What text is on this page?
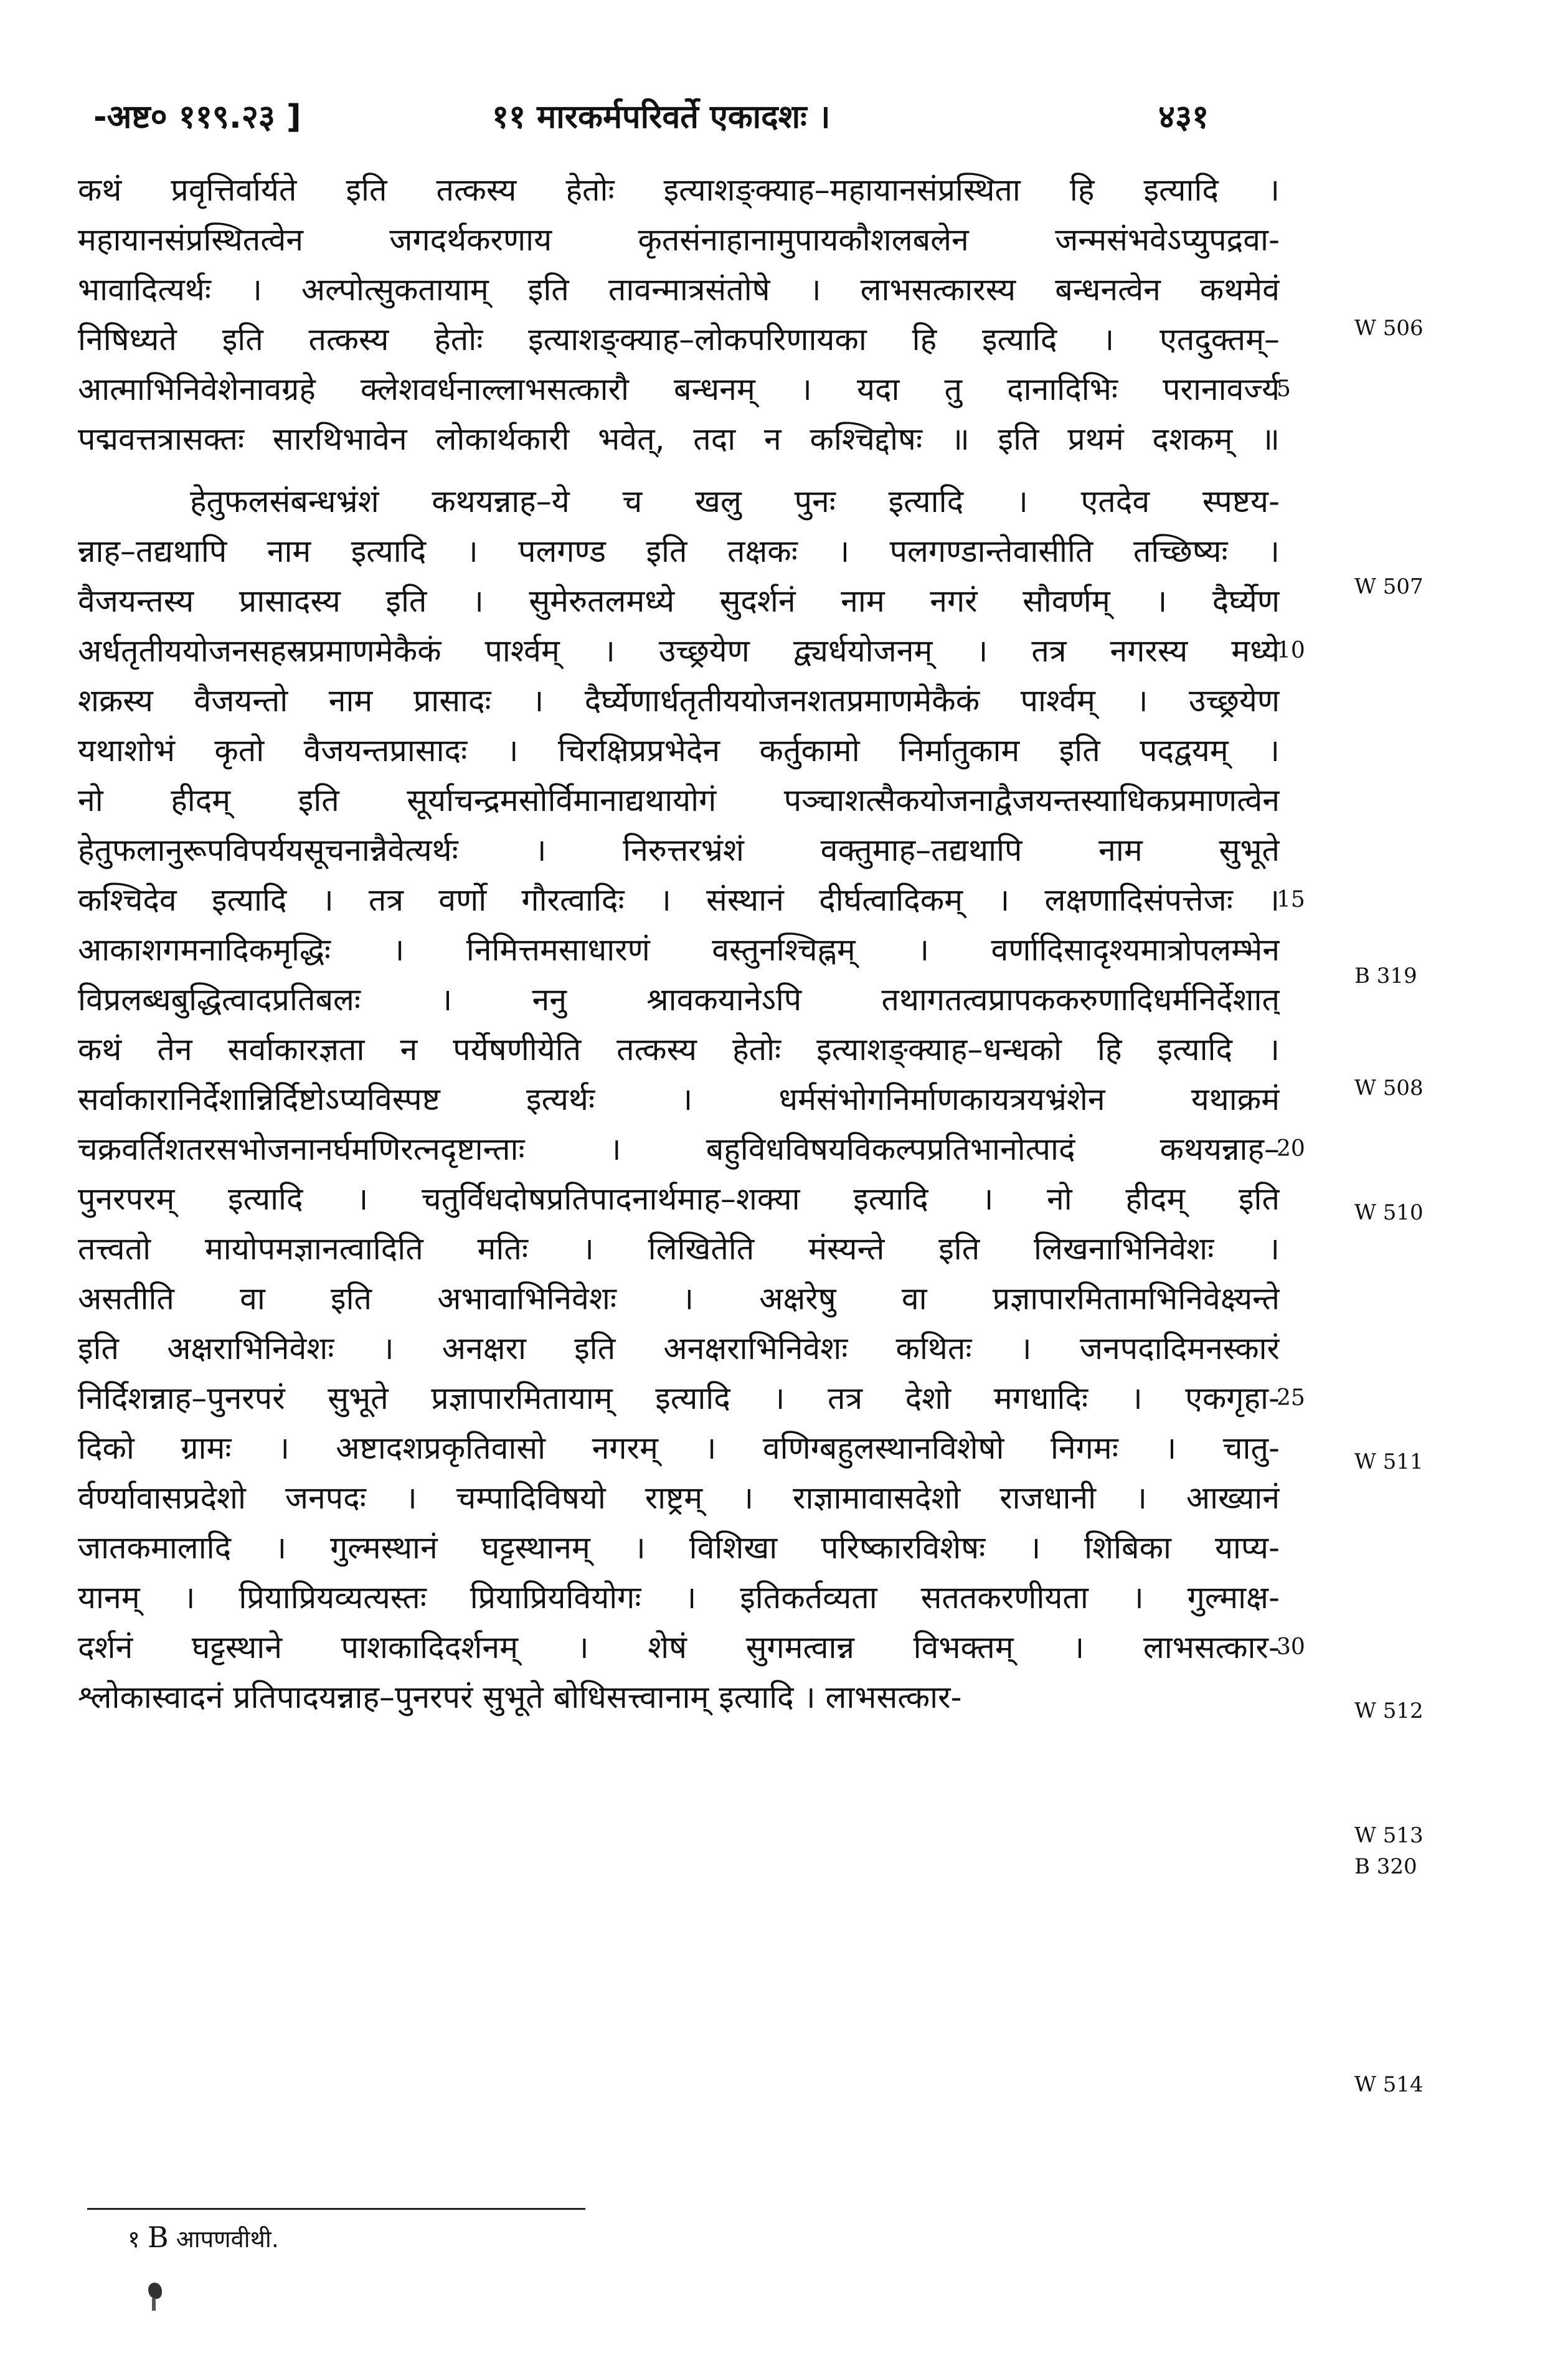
-अष्ट० ११९.२३ ]	११ मारकर्मपरिवर्ते एकादशः ।	४३१
कथं प्रवृत्तिर्वार्यते इति तत्कस्य हेतोः इत्याशङ्क्याह–महायानसंप्रस्थिता हि इत्यादि ।
महायानसंप्रस्थितत्वेन जगदर्थकरणाय कृतसंनाहानामुपायकौशलबलेन जन्मसंभवेऽप्युपद्रवा-
भावादित्यर्थः । अल्पोत्सुकतायाम् इति तावन्मात्रसंतोषे । लाभसत्कारस्य बन्धनत्वेन कथमेवं
निषिध्यते इति तत्कस्य हेतोः इत्याशङ्क्याह–लोकपरिणायका हि इत्यादि । एतदुक्तम्–
आत्माभिनिवेशेनावग्रहे क्लेशवर्धनाल्लाभसत्कारौ बन्धनम् । यदा तु दानादिभिः परानावर्ज्य
पद्मवत्तत्रासक्तः सारथिभावेन लोकार्थकारी भवेत्, तदा न कश्चिद्दोषः ॥ इति प्रथमं दशकम् ॥
हेतुफलसंबन्धभ्रंशं कथयन्नाह–ये च खलु पुनः इत्यादि । एतदेव स्पष्टय-
न्नाह–तद्यथापि नाम इत्यादि । पलगण्ड इति तक्षकः । पलगण्डान्तेवासीति तच्छिष्यः ।
वैजयन्तस्य प्रासादस्य इति । सुमेरुतलमध्ये सुदर्शनं नाम नगरं सौवर्णम् । दैर्घ्येण
अर्धतृतीययोजनसहस्रप्रमाणमेकैकं पार्श्वम् । उच्छ्रयेण द्व्यर्धयोजनम् । तत्र नगरस्य मध्ये
शक्रस्य वैजयन्तो नाम प्रासादः । दैर्घ्येणार्धतृतीययोजनशतप्रमाणमेकैकं पार्श्वम् । उच्छ्रयेण
यथाशोभं कृतो वैजयन्तप्रासादः । चिरक्षिप्रप्रभेदेन कर्तुकामो निर्मातुकाम इति पदद्वयम् ।
नो हीदम् इति सूर्याचन्द्रमसोर्विमानाद्यथायोगं पञ्चाशत्सैकयोजनाद्वैजयन्तस्याधिकप्रमाणत्वेन
हेतुफलानुरूपविपर्ययसूचनान्नैवेत्यर्थः । निरुत्तरभ्रंशं वक्तुमाह–तद्यथापि नाम सुभूते
कश्चिदेव इत्यादि । तत्र वर्णो गौरत्वादिः । संस्थानं दीर्घत्वादिकम् । लक्षणादिसंपत्तेजः ।
आकाशगमनादिकमृद्धिः । निमित्तमसाधारणं वस्तुनश्चिह्नम् । वर्णादिसादृश्यमात्रोपलम्भेन
विप्रलब्धबुद्धित्वादप्रतिबलः । ननु श्रावकयानेऽपि तथागतत्वप्रापककरुणादिधर्मनिर्देशात्
कथं तेन सर्वाकारज्ञता न पर्येषणीयेति तत्कस्य हेतोः इत्याशङ्क्याह–धन्धको हि इत्यादि ।
सर्वाकारानिर्देशान्निर्दिष्टोऽप्यविस्पष्ट इत्यर्थः । धर्मसंभोगनिर्माणकायत्रयभ्रंशेन यथाक्रमं
चक्रवर्तिशतरसभोजनानर्घमणिरत्नदृष्टान्ताः । बहुविधविषयविकल्पप्रतिभानोत्पादं कथयन्नाह–
पुनरपरम् इत्यादि । चतुर्विधदोषप्रतिपादनार्थमाह–शक्या इत्यादि । नो हीदम् इति
तत्त्वतो मायोपमज्ञानत्वादिति मतिः । लिखितेति मंस्यन्ते इति लिखनाभिनिवेशः ।
असतीति वा इति अभावाभिनिवेशः । अक्षरेषु वा प्रज्ञापारमितामभिनिवेक्ष्यन्ते
इति अक्षराभिनिवेशः । अनक्षरा इति अनक्षराभिनिवेशः कथितः । जनपदादिमनस्कारं
निर्दिशन्नाह–पुनरपरं सुभूते प्रज्ञापारमितायाम् इत्यादि । तत्र देशो मगधादिः । एकगृहा-
दिको ग्रामः । अष्टादशप्रकृतिवासो नगरम् । वणिग्बहुलस्थानविशेषो निगमः । चातु-
र्वर्ण्यावासप्रदेशो जनपदः । चम्पादिविषयो राष्ट्रम् । राज्ञामावासदेशो राजधानी । आख्यानं
जातकमालादि । गुल्मस्थानं घट्टस्थानम् । विशिखा परिष्कारविशेषः । शिबिका याप्य-
यानम् । प्रियाप्रियव्यत्यस्तः प्रियाप्रियवियोगः । इतिकर्तव्यता सततकरणीयता । गुल्माक्ष-
दर्शनं घट्टस्थाने पाशकादिदर्शनम् । शेषं सुगमत्वान्न विभक्तम् । लाभसत्कार-
श्लोकास्वादनं प्रतिपादयन्नाह–पुनरपरं सुभूते बोधिसत्त्वानाम् इत्यादि । लाभसत्कार-
5
10
15
20
25
30
W 506
W 507
B 319
W 508
W 510
W 511
W 512
W 513
B 320
W 514
१ B आपणवीथी.
